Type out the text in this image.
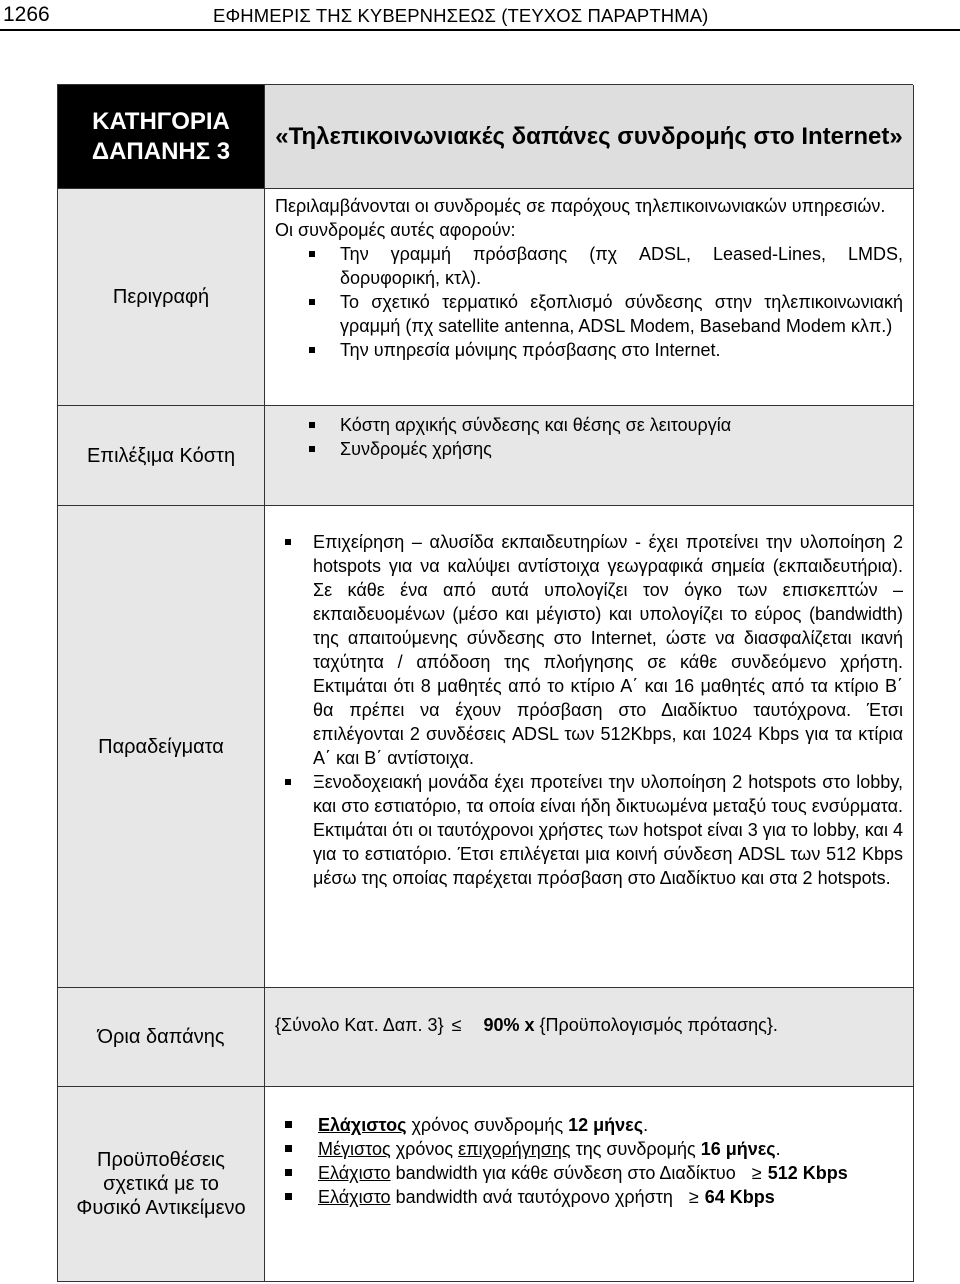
1266	ΕΦΗΜΕΡΙΣ ΤΗΣ ΚΥΒΕΡΝΗΣΕΩΣ (ΤΕΥΧΟΣ ΠΑΡΑΡΤΗΜΑ)
ΚΑΤΗΓΟΡΙΑ ΔΑΠΑΝΗΣ 3
«Τηλεπικοινωνιακές δαπάνες συνδρομής στο Internet»
Περιγραφή

Περιλαμβάνονται οι συνδρομές σε παρόχους τηλεπικοινωνιακών υπηρεσιών. Οι συνδρομές αυτές αφορούν:

Την γραμμή πρόσβασης (πχ ADSL, Leased-Lines, LMDS, δορυφορική, κτλ).
Το σχετικό τερματικό εξοπλισμό σύνδεσης στην τηλεπικοινωνιακή γραμμή (πχ satellite antenna, ADSL Modem, Baseband Modem κλπ.)
Την υπηρεσία μόνιμης πρόσβασης στο Internet.
Επιλέξιμα Κόστη
Κόστη αρχικής σύνδεσης και θέσης σε λειτουργία
Συνδρομές χρήσης
Παραδείγματα
Επιχείρηση – αλυσίδα εκπαιδευτηρίων - έχει προτείνει την υλοποίηση 2 hotspots για να καλύψει αντίστοιχα γεωγραφικά σημεία (εκπαιδευτήρια). Σε κάθε ένα από αυτά υπολογίζει τον όγκο των επισκεπτών – εκπαιδευομένων (μέσο και μέγιστο) και υπολογίζει το εύρος (bandwidth) της απαιτούμενης σύνδεσης στο Internet, ώστε να διασφαλίζεται ικανή ταχύτητα / απόδοση της πλοήγησης σε κάθε συνδεόμενο χρήστη. Εκτιμάται ότι 8 μαθητές από το κτίριο Α΄ και 16 μαθητές από τα κτίριο Β΄ θα πρέπει να έχουν πρόσβαση στο Διαδίκτυο ταυτόχρονα. Έτσι επιλέγονται 2 συνδέσεις ADSL των 512Kbps, και 1024 Kbps για τα κτίρια Α΄ και Β΄ αντίστοιχα.
Ξενοδοχειακή μονάδα έχει προτείνει την υλοποίηση 2 hotspots στο lobby, και στο εστιατόριο, τα οποία είναι ήδη δικτυωμένα μεταξύ τους ενσύρματα. Εκτιμάται ότι οι ταυτόχρονοι χρήστες των hotspot είναι 3 για το lobby, και 4 για το εστιατόριο. Έτσι επιλέγεται μια κοινή σύνδεση ADSL των 512 Kbps μέσω της οποίας παρέχεται πρόσβαση στο Διαδίκτυο και στα 2 hotspots.
Όρια δαπάνης
{Σύνολο Κατ. Δαπ. 3} ≤ 90% x {Προϋπολογισμός πρότασης}.
Προϋποθέσεις σχετικά με το Φυσικό Αντικείμενο
Ελάχιστος χρόνος συνδρομής 12 μήνες.
Μέγιστος χρόνος επιχορήγησης της συνδρομής 16 μήνες.
Ελάχιστο bandwidth για κάθε σύνδεση στο Διαδίκτυο ≥ 512 Kbps
Ελάχιστο bandwidth ανά ταυτόχρονο χρήστη ≥ 64 Kbps
